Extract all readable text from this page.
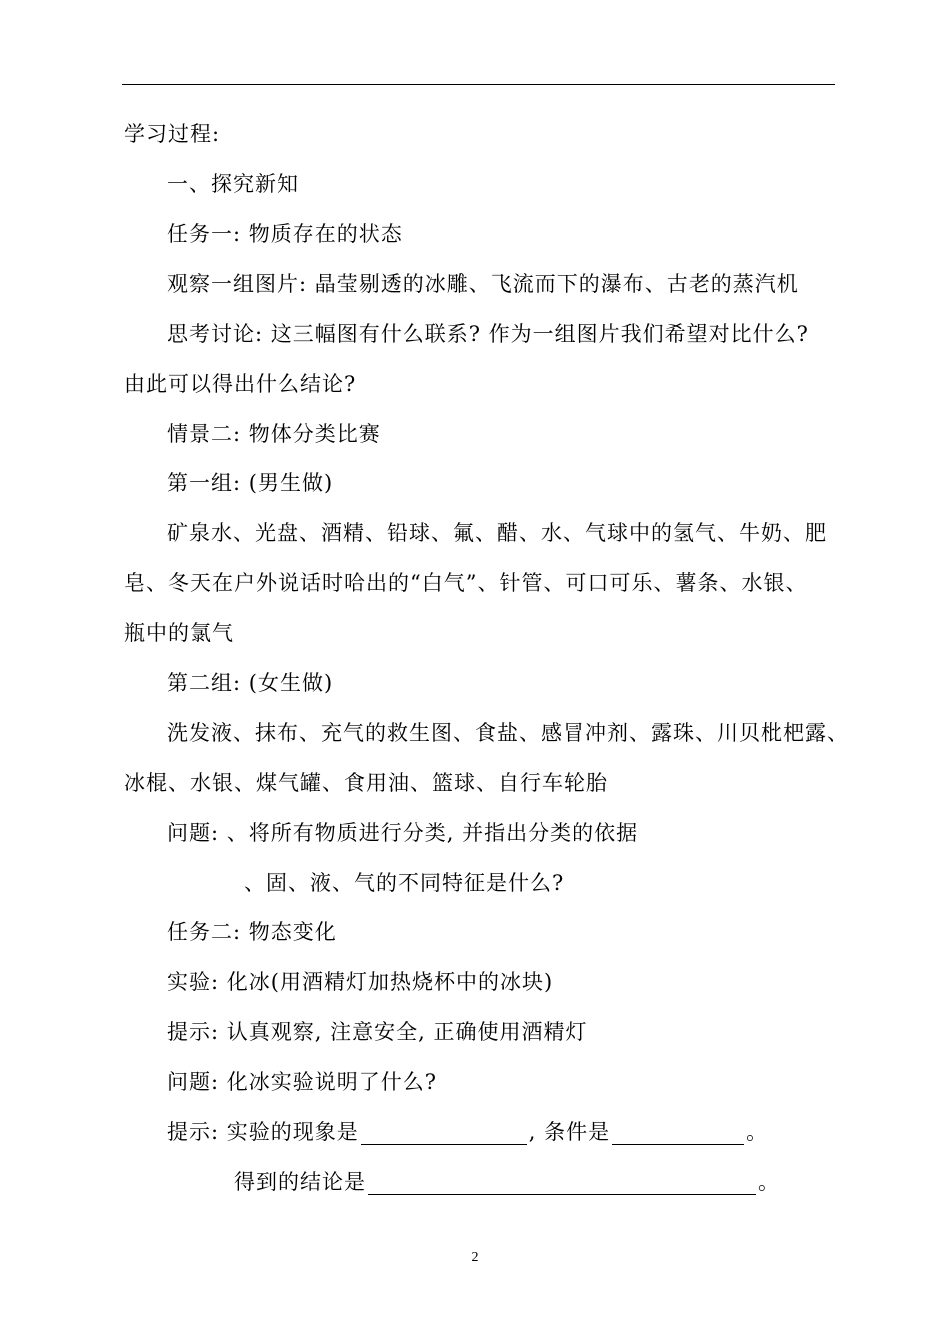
学习过程:
一、探究新知
任务一: 物质存在的状态
观察一组图片: 晶莹剔透的冰雕、飞流而下的瀑布、古老的蒸汽机
思考讨论: 这三幅图有什么联系? 作为一组图片我们希望对比什么?
由此可以得出什么结论?
情景二: 物体分类比赛
第一组: (男生做)
矿泉水、光盘、酒精、铅球、氟、醋、水、气球中的氢气、牛奶、肥
皂、冬天在户外说话时哈出的“白气”、针管、可口可乐、薯条、水银、
瓶中的氯气
第二组: (女生做)
洗发液、抹布、充气的救生图、食盐、感冒冲剂、露珠、川贝枇杷露、
冰棍、水银、煤气罐、食用油、篮球、自行车轮胎
问题: 、将所有物质进行分类, 并指出分类的依据
、固、液、气的不同特征是什么?
任务二: 物态变化
实验: 化冰(用酒精灯加热烧杯中的冰块)
提示: 认真观察, 注意安全, 正确使用酒精灯
问题: 化冰实验说明了什么?
提示: 实验的现象是	, 条件是	。
得到的结论是	。
2
